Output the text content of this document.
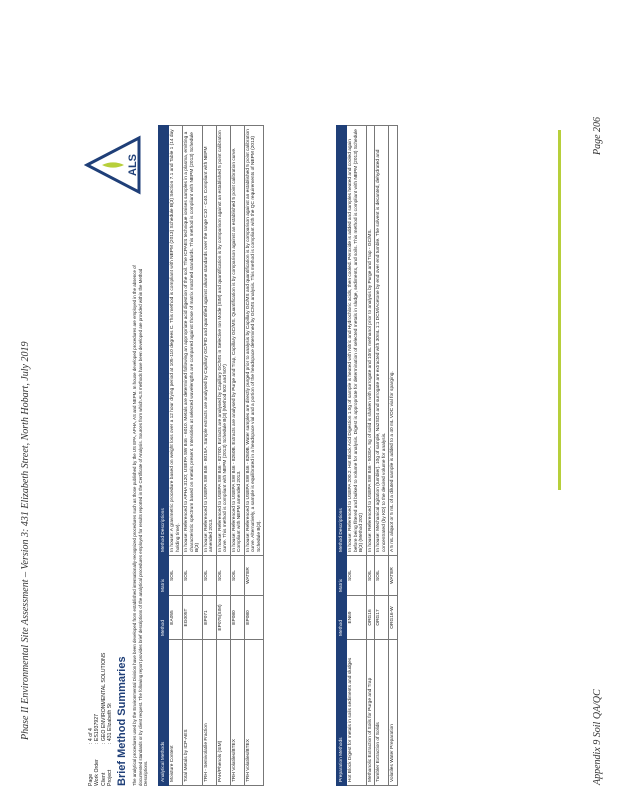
Phase II Environmental Site Assessment – Version 3: 431 Elizabeth Street, North Hobart, July 2019	Appendix 9 Soil QA/QC
Page 206
Page
: 4 of 4
Work Order
: ES1937927
Client
: GEO ENVIRONMENTAL SOLUTIONS
Project
: 431 Elizabeth St
ALS
Brief Method Summaries The analytical procedures used by the Environmental Division have been developed from established internationally-recognized procedures such as those published by the US EPA, APHA, AS and NEPM. In house developed procedures are employed in the absence of documented standards or by client request. The following report provides brief descriptions of the analytical procedures employed for results reported in the Certificate of Analysis. Sources from which ALS methods have been developed are provided within the Method Descriptions.	Analytical Methods	Method	Matrix	Method Descriptions
Moisture Content	EA055	SOIL	In house: A gravimetric procedure based on weight loss over a 12 hour drying period at 105-110 degrees C. This method is compliant with NEPM (2013) Schedule B(3) Section 7.1 and Table 1 (14 day holding time).
Total Metals by ICP-AES	EG005T	SOIL	In house: Referenced to APHA 3120; USEPA SW 846 - 6010. Metals are determined following an appropriate acid digestion of the soil. The ICPAES technique ionises samples in a plasma, emitting a characteristic spectrum based on metals present. Intensities at selected wavelengths are compared against those of matrix matched standards. This method is compliant with NEPM (2013) Schedule B(3)
TRH - Semivolatile Fraction	EP071	SOIL	In house: Referenced to USEPA SW 846 - 8015A. Sample extracts are analysed by Capillary GC/FID and quantified against alkane standards over the range C10 - C40. Compliant with NEPM amended 2013.
PAH/Phenols (SIM)	EP075(SIM)	SOIL	In house: Referenced to USEPA SW 846 - 8270D. Extracts are analysed by Capillary GC/MS in Selective Ion Mode (SIM) and quantification is by comparison against an established 5 point calibration curve. This method is compliant with NEPM (2013) Schedule B(3) (Method 502 and 507)
TRH Volatiles/BTEX	EP080	SOIL	In house: Referenced to USEPA SW 846 - 8260B. Extracts are analysed by Purge and Trap, Capillary GC/MS. Quantification is by comparison against an established 5 point calibration curve. Compliant with NEPM amended 2013.
TRH Volatiles/BTEX	EP080	WATER	In house: Referenced to USEPA SW 846 - 8260B. Water samples are directly purged prior to analysis by Capillary GC/MS and quantification is by comparison against an established 5 point calibration curve. Alternatively, a sample is equilibrated in a headspace vial and a portion of the headspace determined by GCMS analysis. This method is compliant with the QC requirements of NEPM (2013) Schedule B(3).
Preparation Methods	Method	Matrix	Method Descriptions
Hot Block Digest for metals in soils sediments and sludges	EN69	SOIL	In house: Referenced to USEPA 200.2. Hot Block Acid Digestion 1.0g of sample is heated with Nitric and Hydrochloric acids, then cooled. Peroxide is added and samples heated and cooled again before being filtered and bulked to volume for analysis. Digest is appropriate for determination of selected metals in sludge, sediments, and soils. This method is compliant with NEPM (2013) Schedule B(3) (Method 202)
Methanolic Extraction of Soils for Purge and Trap	ORG16	SOIL	In house: Referenced to USEPA SW 846 - 5030A. 5g of solid is shaken with surrogate and 10mL methanol prior to analysis by Purge and Trap - GC/MS.
Tumbler Extraction of Solids	ORG17	SOIL	In house: Mechanical agitation (tumbler). 10g of sample, Na2SO4 and surrogate are extracted with 30mL 1:1 DCM/Acetone by end over end tumble. The solvent is decanted, dehydrated and concentrated (by KD) to the desired volume for analysis.
Volatiles Water Preparation	ORG16-W	WATER	A 5 mL aliquot or 5 mL of a diluted sample is added to a 40 mL VOC vial for sparging.
